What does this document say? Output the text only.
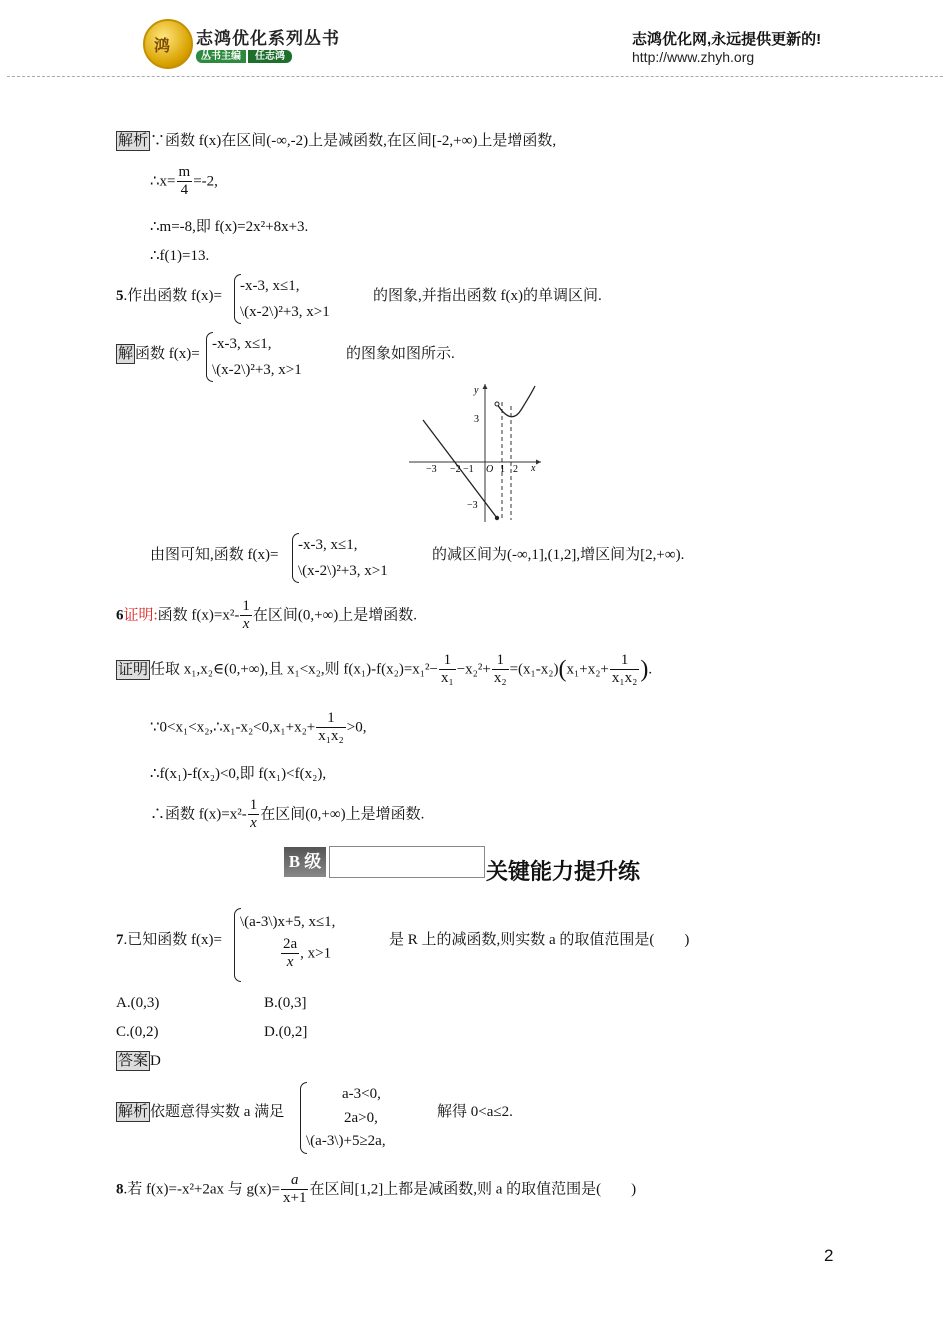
鸿 志鸿优化系列丛书
丛书主编 任志鸿
志鸿优化网,永远提供更新的!
http://www.zhyh.org
解析 ∵函数 f(x)在区间(-∞,-2)上是减函数,在区间[-2,+∞)上是增函数,
∴x= $\frac{m}{4} =-2$,
∴m=-8,即 f(x)=2x²+8x+3.
∴f(1)=13.
5.作出函数 f(x)=
-x-3, x≤1,
\(x-2\)²+3, x>1
的图象,并指出函数 f(x)的单调区间.
解 函数 f(x)=
-x-3, x≤1,
\(x-2\)²+3, x>1
的图象如图所示.
x
y
O
−3 −2 −1	1 2
3
−3
由图可知,函数 f(x)=
-x-3, x≤1,
\(x-2\)²+3, x>1
的减区间为(-∞,1],(1,2],增区间为[2,+∞).
6证明:函数 $f(x)=x^2- \frac{1}{x}$ 在区间(0,+∞)上是增函数.
证明 任取 x₁,x₂∈(0,+∞),且 x₁<x₂,则 $f(x_1)-f(x_2)=x_1^2- \frac{1}{\text{x₁}} -x_2^2+ \frac{1}{\text{x₂}} =(x_1-x_2)(x_1+x_2+ \frac{1}{\text{x₁x₂}}$ ).
∵0<x₁<x₂,∴x₁-x₂<0,x₁+x₂+ $\frac{1}{\text{x₁x₂}} >0$,
∴f(x₁)-f(x₂)<0,即 f(x₁)<f(x₂),
∴函数 $f(x)=x^2- \frac{1}{x}$ 在区间(0,+∞)上是增函数.
B 级	关键能力提升练
7.已知函数 f(x)=
\(a-3\)x+5, x≤1,
$\frac{2a}{x}$ , x>1
是 R 上的减函数,则实数 a 的取值范围是(　　)
A.(0,3)	B.(0,3]
C.(0,2)	D.(0,2]
答案 D
解析 依题意得实数 a 满足
a-3<0,
2a>0,
\(a-3\)+5≥2a,
解得 0<a≤2.
8.若 f(x)=-x²+2ax 与 $g(x)= \frac{a}{x+1}$ 在区间[1,2]上都是减函数,则 a 的取值范围是(　　)
2
